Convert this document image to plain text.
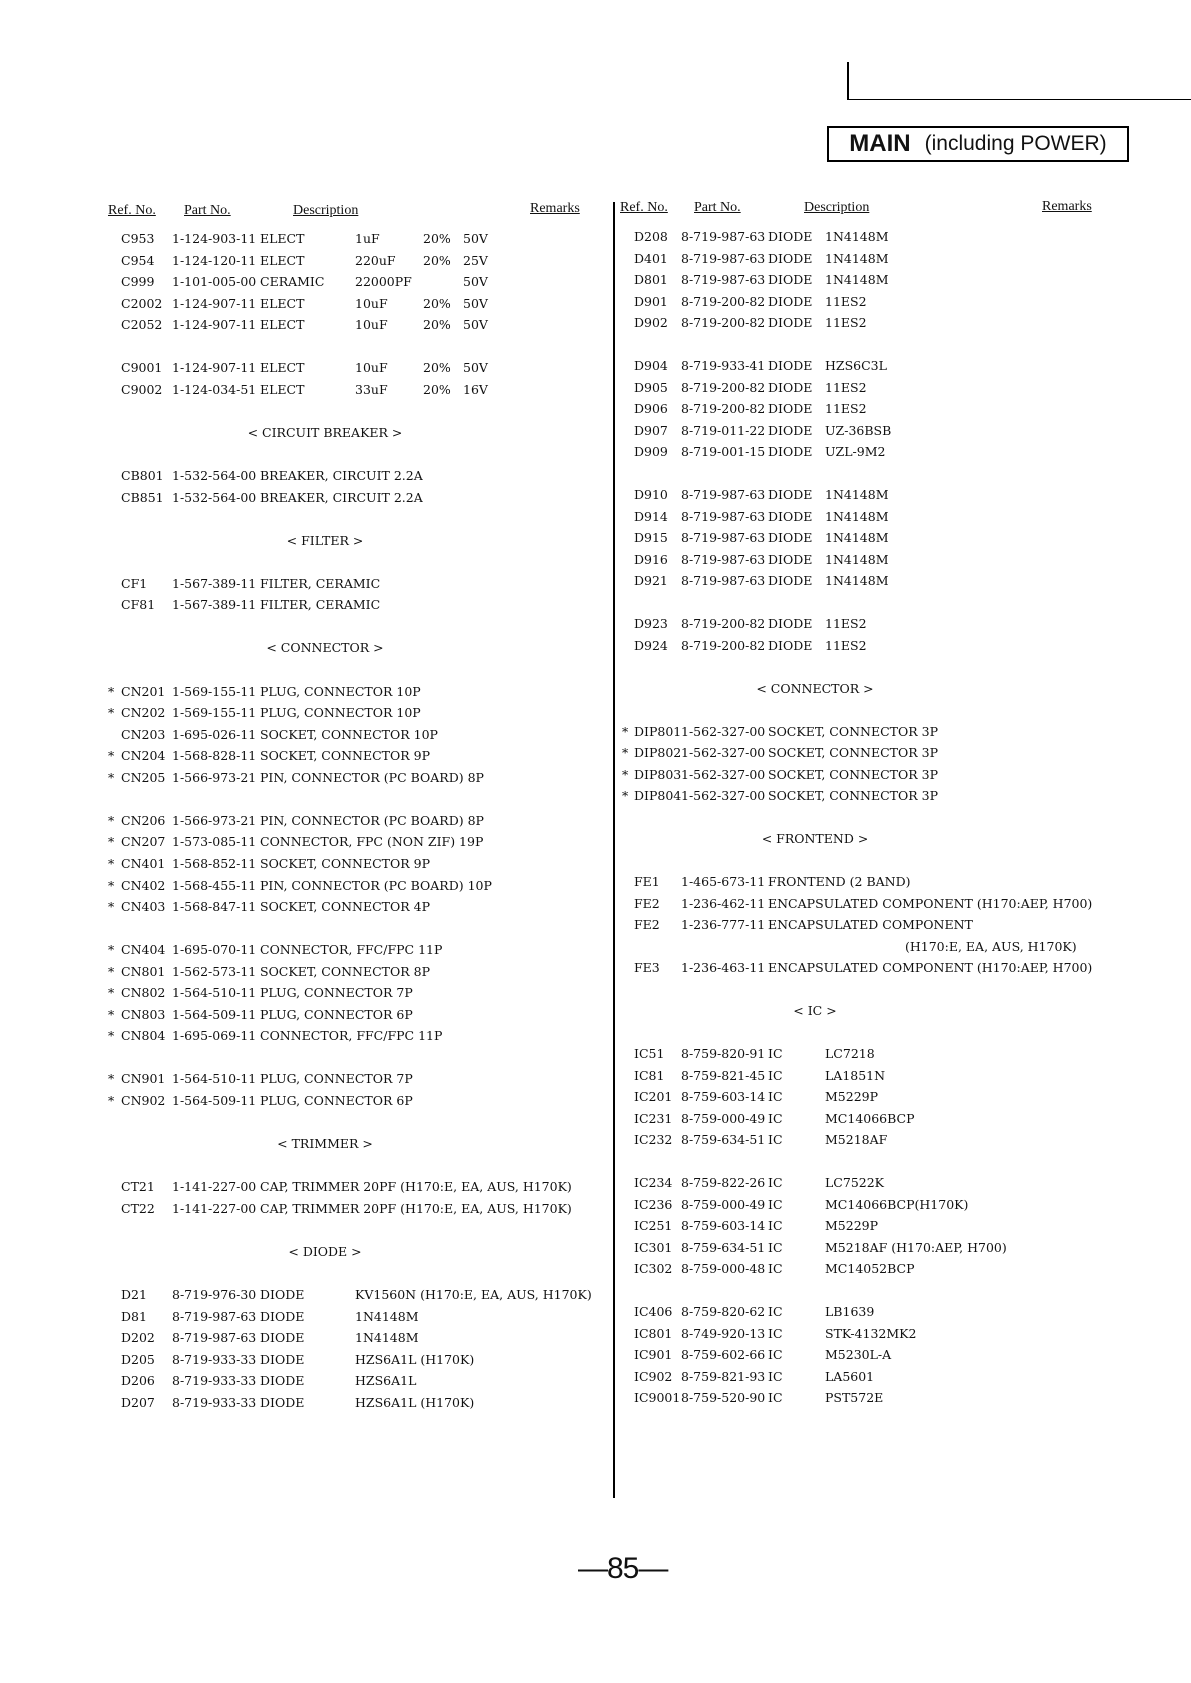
MAIN (including POWER)
Ref. No. Part No.	Description	Remarks	Ref. No. Part No.	Description	Remarks
C953 1-124-903-11 ELECT	1uF	20% 50V
C954 1-124-120-11 ELECT	220uF 20% 25V
C999 1-101-005-00 CERAMIC 22000PF	50V
C2002 1-124-907-11 ELECT	10uF	20% 50V
C2052 1-124-907-11 ELECT	10uF	20% 50V
C9001 1-124-907-11 ELECT	10uF	20% 50V
C9002 1-124-034-51 ELECT	33uF	20% 16V
< CIRCUIT BREAKER >
CB801 1-532-564-00 BREAKER, CIRCUIT 2.2A
CB851 1-532-564-00 BREAKER, CIRCUIT 2.2A
< FILTER >
CF1 1-567-389-11 FILTER, CERAMIC
CF81 1-567-389-11 FILTER, CERAMIC
< CONNECTOR >
* CN201 1-569-155-11 PLUG, CONNECTOR 10P
* CN202 1-569-155-11 PLUG, CONNECTOR 10P
CN203 1-695-026-11 SOCKET, CONNECTOR 10P
* CN204 1-568-828-11 SOCKET, CONNECTOR 9P
* CN205 1-566-973-21 PIN, CONNECTOR (PC BOARD) 8P
* CN206 1-566-973-21 PIN, CONNECTOR (PC BOARD) 8P
* CN207 1-573-085-11 CONNECTOR, FPC (NON ZIF) 19P
* CN401 1-568-852-11 SOCKET, CONNECTOR 9P
* CN402 1-568-455-11 PIN, CONNECTOR (PC BOARD) 10P
* CN403 1-568-847-11 SOCKET, CONNECTOR 4P
* CN404 1-695-070-11 CONNECTOR, FFC/FPC 11P
* CN801 1-562-573-11 SOCKET, CONNECTOR 8P
* CN802 1-564-510-11 PLUG, CONNECTOR 7P
* CN803 1-564-509-11 PLUG, CONNECTOR 6P
* CN804 1-695-069-11 CONNECTOR, FFC/FPC 11P
* CN901 1-564-510-11 PLUG, CONNECTOR 7P
* CN902 1-564-509-11 PLUG, CONNECTOR 6P
< TRIMMER >
CT21 1-141-227-00 CAP, TRIMMER 20PF (H170:E, EA, AUS, H170K)
CT22 1-141-227-00 CAP, TRIMMER 20PF (H170:E, EA, AUS, H170K)
< DIODE >
D21 8-719-976-30 DIODE	KV1560N (H170:E, EA, AUS, H170K)
D81 8-719-987-63 DIODE	1N4148M
D202 8-719-987-63 DIODE	1N4148M
D205 8-719-933-33 DIODE	HZS6A1L (H170K)
D206 8-719-933-33 DIODE	HZS6A1L
D207 8-719-933-33 DIODE	HZS6A1L (H170K)
D208 8-719-987-63 DIODE 1N4148M
D401 8-719-987-63 DIODE 1N4148M
D801 8-719-987-63 DIODE 1N4148M
D901 8-719-200-82 DIODE 11ES2
D902 8-719-200-82 DIODE 11ES2
D904 8-719-933-41 DIODE HZS6C3L
D905 8-719-200-82 DIODE 11ES2
D906 8-719-200-82 DIODE 11ES2
D907 8-719-011-22 DIODE UZ-36BSB
D909 8-719-001-15 DIODE UZL-9M2
D910 8-719-987-63 DIODE 1N4148M
D914 8-719-987-63 DIODE 1N4148M
D915 8-719-987-63 DIODE 1N4148M
D916 8-719-987-63 DIODE 1N4148M
D921 8-719-987-63 DIODE 1N4148M
D923 8-719-200-82 DIODE 11ES2
D924 8-719-200-82 DIODE 11ES2
< CONNECTOR >
* DIP801 1-562-327-00 SOCKET, CONNECTOR 3P
* DIP802 1-562-327-00 SOCKET, CONNECTOR 3P
* DIP803 1-562-327-00 SOCKET, CONNECTOR 3P
* DIP804 1-562-327-00 SOCKET, CONNECTOR 3P
< FRONTEND >
FE1 1-465-673-11 FRONTEND (2 BAND)
FE2 1-236-462-11 ENCAPSULATED COMPONENT (H170:AEP, H700)
FE2 1-236-777-11 ENCAPSULATED COMPONENT
(H170:E, EA, AUS, H170K)
FE3 1-236-463-11 ENCAPSULATED COMPONENT (H170:AEP, H700)
< IC >
IC51 8-759-820-91 IC	LC7218
IC81 8-759-821-45 IC	LA1851N
IC201 8-759-603-14 IC	M5229P
IC231 8-759-000-49 IC	MC14066BCP
IC232 8-759-634-51 IC	M5218AF
IC234 8-759-822-26 IC	LC7522K
IC236 8-759-000-49 IC	MC14066BCP(H170K)
IC251 8-759-603-14 IC	M5229P
IC301 8-759-634-51 IC	M5218AF (H170:AEP, H700)
IC302 8-759-000-48 IC	MC14052BCP
IC406 8-759-820-62 IC	LB1639
IC801 8-749-920-13 IC	STK-4132MK2
IC901 8-759-602-66 IC	M5230L-A
IC902 8-759-821-93 IC	LA5601
IC9001 8-759-520-90 IC	PST572E
—85—
